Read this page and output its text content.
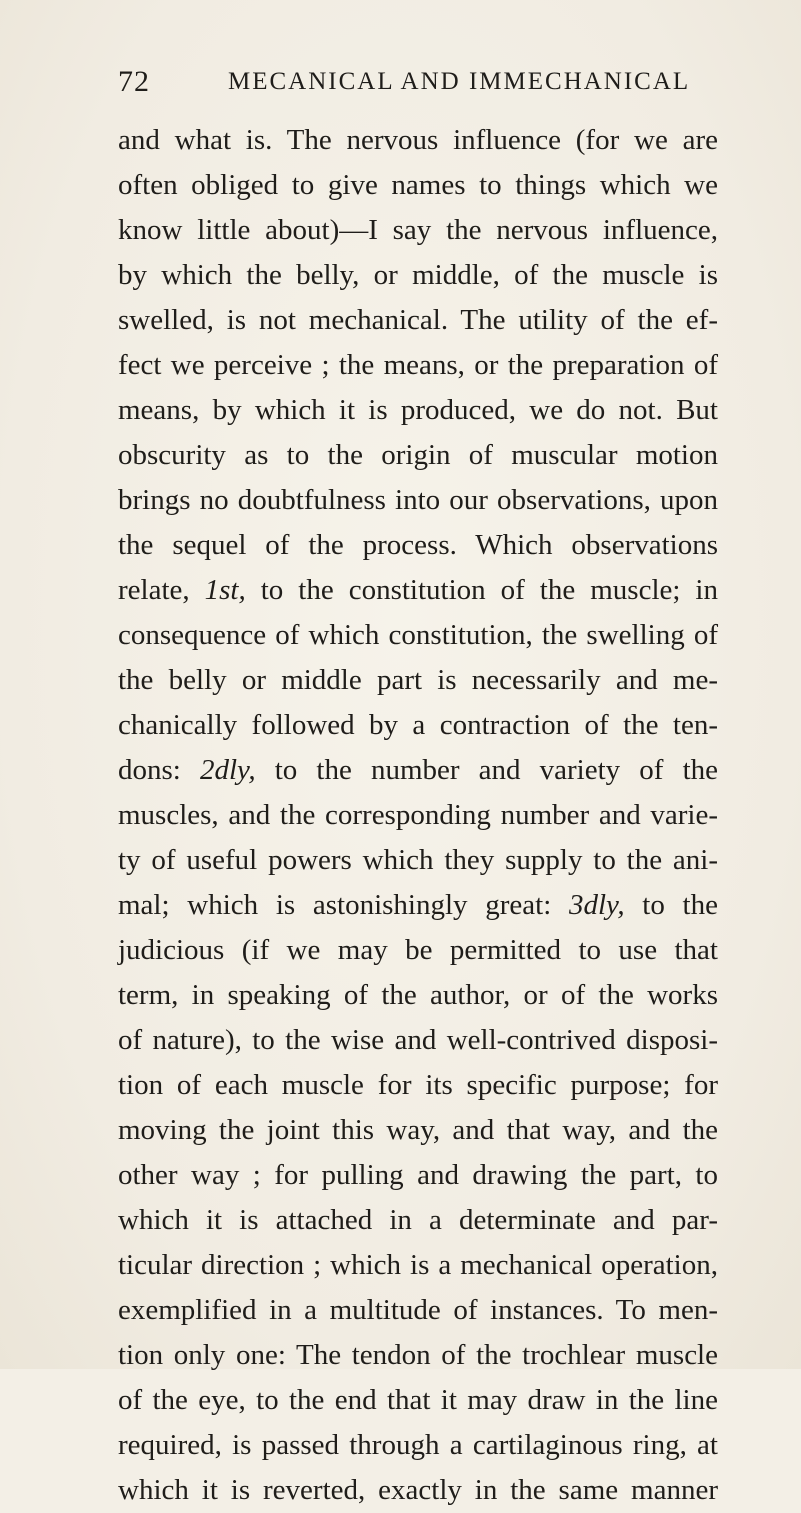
72	MECANICAL AND IMMECHANICAL
and what is. The nervous influence (for we are
often obliged to give names to things which we
know little about)—I say the nervous influence,
by which the belly, or middle, of the muscle is
swelled, is not mechanical. The utility of the ef-
fect we perceive ; the means, or the preparation of
means, by which it is produced, we do not. But
obscurity as to the origin of muscular motion
brings no doubtfulness into our observations, upon
the sequel of the process. Which observations
relate, 1st, to the constitution of the muscle; in
consequence of which constitution, the swelling of
the belly or middle part is necessarily and me-
chanically followed by a contraction of the ten-
dons: 2dly, to the number and variety of the
muscles, and the corresponding number and varie-
ty of useful powers which they supply to the ani-
mal; which is astonishingly great: 3dly, to the
judicious (if we may be permitted to use that
term, in speaking of the author, or of the works
of nature), to the wise and well-contrived disposi-
tion of each muscle for its specific purpose; for
moving the joint this way, and that way, and the
other way ; for pulling and drawing the part, to
which it is attached in a determinate and par-
ticular direction ; which is a mechanical operation,
exemplified in a multitude of instances. To men-
tion only one: The tendon of the trochlear muscle
of the eye, to the end that it may draw in the line
required, is passed through a cartilaginous ring, at
which it is reverted, exactly in the same manner
